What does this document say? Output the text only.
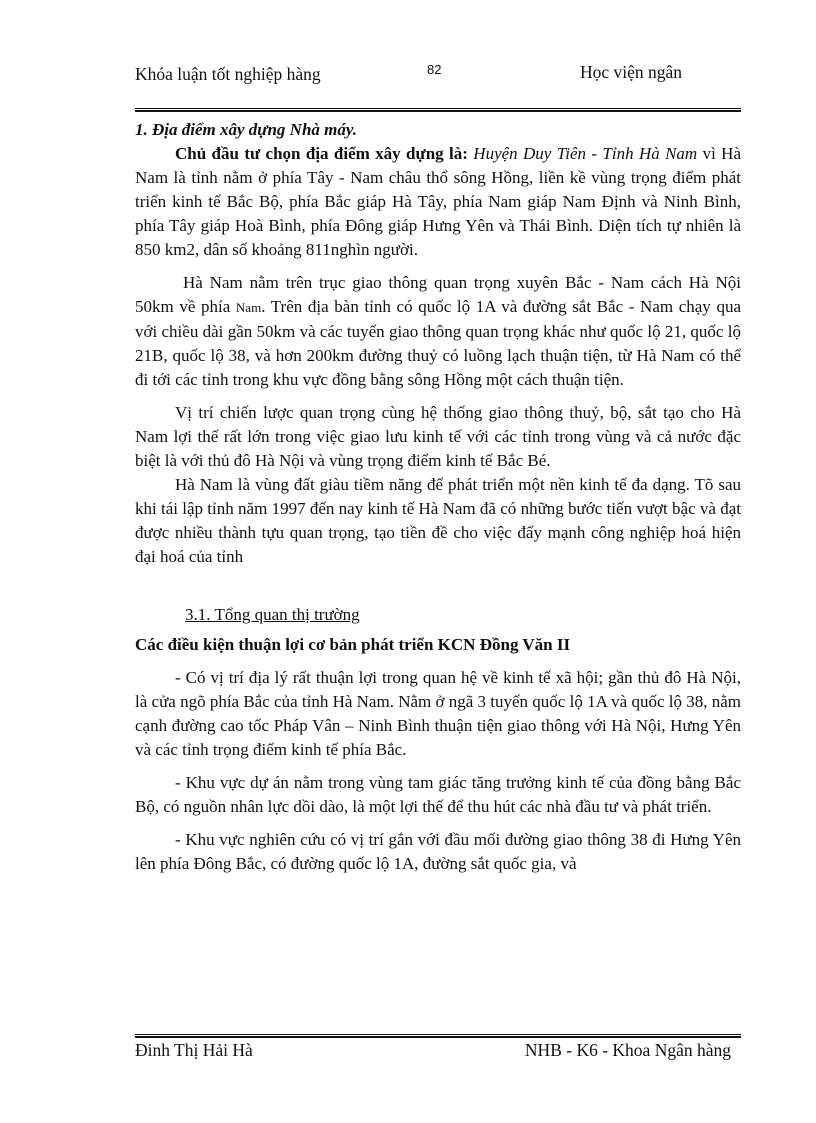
Khóa luận tốt nghiệp hàng	82	Học viện ngân

1. Địa điểm xây dựng Nhà máy.

Chủ đầu tư chọn địa điểm xây dựng là: Huyện Duy Tiên - Tỉnh Hà Nam vì Hà Nam là tỉnh nằm ở phía Tây - Nam châu thổ sông Hồng, liền kề vùng trọng điểm phát triển kinh tế Bắc Bộ, phía Bắc giáp Hà Tây, phía Nam giáp Nam Định và Ninh Bình, phía Tây giáp Hoà Bình, phía Đông giáp Hưng Yên và Thái Bình. Diện tích tự nhiên là 850 km2, dân số khoảng 811nghìn người.

Hà Nam nằm trên trục giao thông quan trọng xuyên Bắc - Nam cách Hà Nội 50km về phía Nam. Trên địa bàn tỉnh có quốc lộ 1A và đường sắt Bắc - Nam chạy qua với chiều dài gần 50km và các tuyến giao thông quan trọng khác như quốc lộ 21, quốc lộ 21B, quốc lộ 38, và hơn 200km đường thuỷ có luồng lạch thuận tiện, từ Hà Nam có thể đi tới các tỉnh trong khu vực đồng bằng sông Hồng một cách thuận tiện.

Vị trí chiến lược quan trọng cùng hệ thống giao thông thuỷ, bộ, sắt tạo cho Hà Nam lợi thế rất lớn trong việc giao lưu kinh tế với các tỉnh trong vùng và cả nước đặc biệt là với thủ đô Hà Nội và vùng trọng điểm kinh tế Bắc Bé.

Hà Nam là vùng đất giàu tiềm năng để phát triển một nền kinh tế đa dạng. Tõ sau khi tái lập tỉnh năm 1997 đến nay kinh tế Hà Nam đã có những bước tiến vượt bậc và đạt được nhiều thành tựu quan trọng, tạo tiền đề cho việc đẩy mạnh công nghiệp hoá hiện đại hoá của tỉnh

3.1. Tổng quan thị trường

Các điều kiện thuận lợi cơ bản phát triển KCN Đồng Văn II

- Có vị trí địa lý rất thuận lợi trong quan hệ về kinh tế xã hội; gần thủ đô Hà Nội, là cửa ngõ phía Bắc của tỉnh Hà Nam. Nằm ở ngã 3 tuyến quốc lộ 1A và quốc lộ 38, nằm cạnh đường cao tốc Pháp Vân – Ninh Bình thuận tiện giao thông với Hà Nội, Hưng Yên và các tỉnh trọng điểm kinh tế phía Bắc.

- Khu vực dự án nằm trong vùng tam giác tăng trưởng kinh tế của đồng bằng Bắc Bộ, có nguồn nhân lực dồi dào, là một lợi thế để thu hút các nhà đầu tư và phát triển.

- Khu vực nghiên cứu có vị trí gắn với đầu mối đường giao thông 38 đi Hưng Yên lên phía Đông Bắc, có đường quốc lộ 1A, đường sắt quốc gia, và

Đinh Thị Hải Hà	NHB - K6 - Khoa Ngân hàng
